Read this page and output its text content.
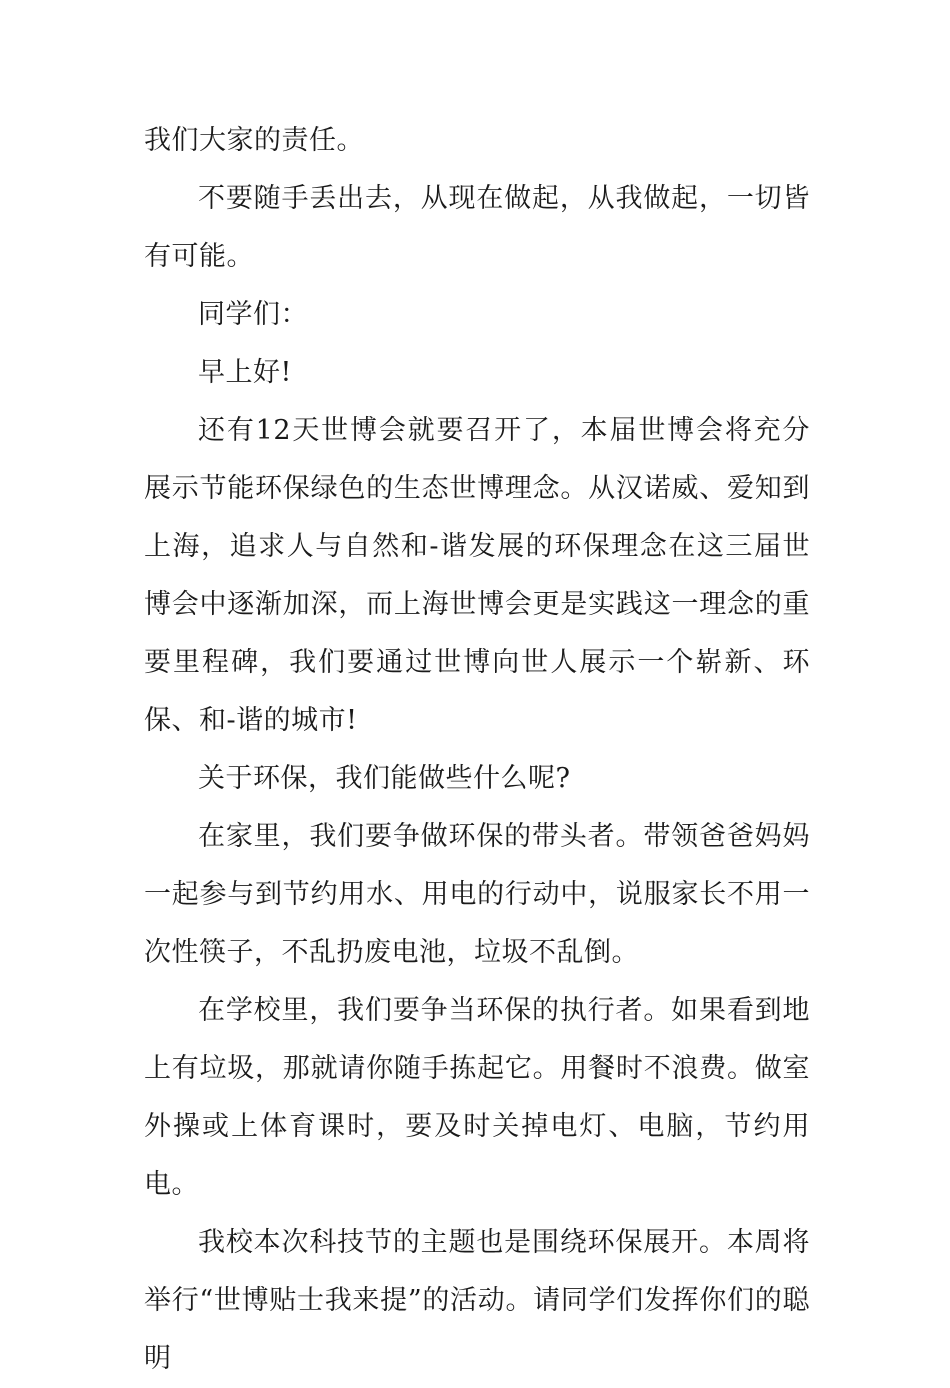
我们大家的责任。

不要随手丢出去，从现在做起，从我做起，一切皆有可能。

同学们：

早上好!

还有12天世博会就要召开了，本届世博会将充分展示节能环保绿色的生态世博理念。从汉诺威、爱知到上海，追求人与自然和-谐发展的环保理念在这三届世博会中逐渐加深，而上海世博会更是实践这一理念的重要里程碑，我们要通过世博向世人展示一个崭新、环保、和-谐的城市!

关于环保，我们能做些什么呢?

在家里，我们要争做环保的带头者。带领爸爸妈妈一起参与到节约用水、用电的行动中，说服家长不用一次性筷子，不乱扔废电池，垃圾不乱倒。

在学校里，我们要争当环保的执行者。如果看到地上有垃圾，那就请你随手拣起它。用餐时不浪费。做室外操或上体育课时，要及时关掉电灯、电脑，节约用电。

我校本次科技节的主题也是围绕环保展开。本周将举行“世博贴士我来提”的活动。请同学们发挥你们的聪明
